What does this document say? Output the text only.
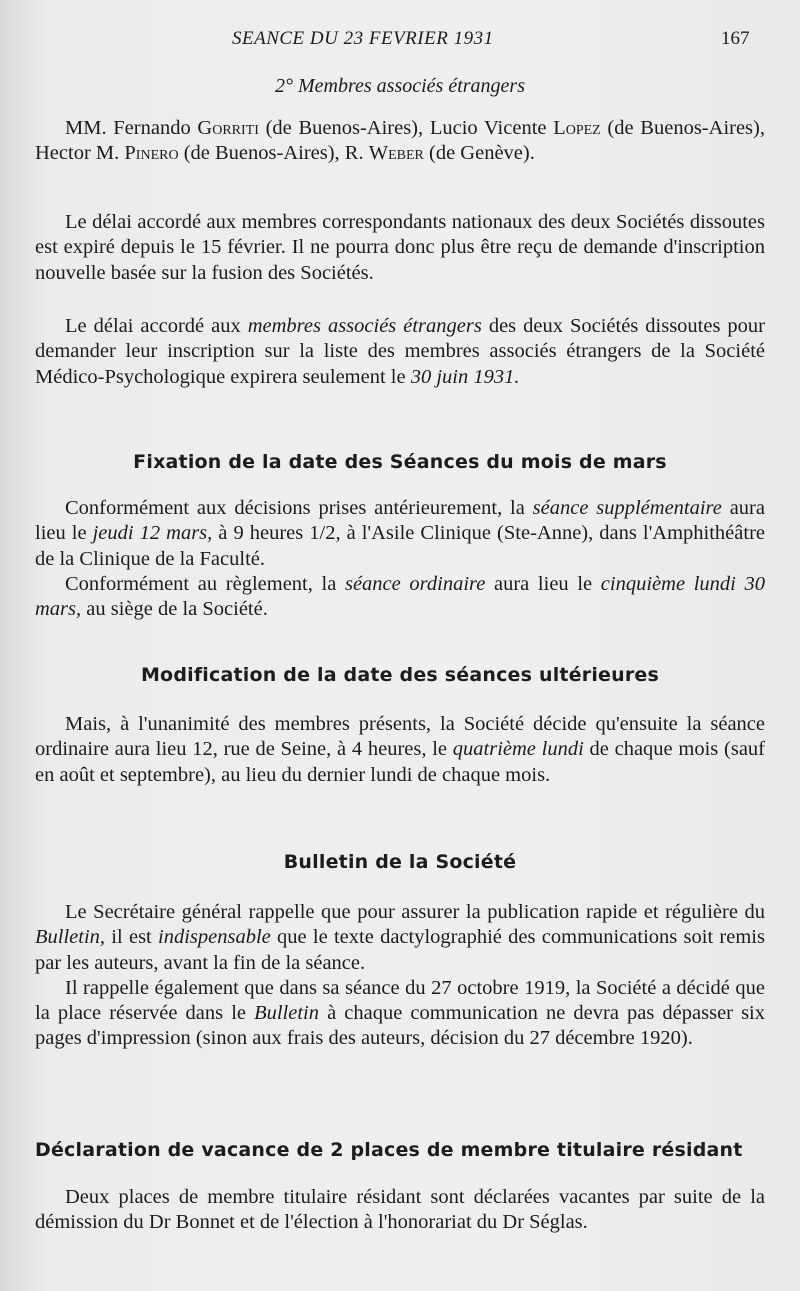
SEANCE DU 23 FEVRIER 1931	167
2° Membres associés étrangers

MM. Fernando Gorriti (de Buenos-Aires), Lucio Vicente Lopez (de Buenos-Aires), Hector M. Pinero (de Buenos-Aires), R. Weber (de Genève).

Le délai accordé aux membres correspondants nationaux des deux Sociétés dissoutes est expiré depuis le 15 février. Il ne pourra donc plus être reçu de demande d'inscription nouvelle basée sur la fusion des Sociétés.

Le délai accordé aux membres associés étrangers des deux Sociétés dissoutes pour demander leur inscription sur la liste des membres associés étrangers de la Société Médico-Psychologique expirera seulement le 30 juin 1931.

Fixation de la date des Séances du mois de mars

Conformément aux décisions prises antérieurement, la séance supplémentaire aura lieu le jeudi 12 mars, à 9 heures 1/2, à l'Asile Clinique (Ste-Anne), dans l'Amphithéâtre de la Clinique de la Faculté.

Conformément au règlement, la séance ordinaire aura lieu le cinquième lundi 30 mars, au siège de la Société.

Modification de la date des séances ultérieures

Mais, à l'unanimité des membres présents, la Société décide qu'ensuite la séance ordinaire aura lieu 12, rue de Seine, à 4 heures, le quatrième lundi de chaque mois (sauf en août et septembre), au lieu du dernier lundi de chaque mois.

Bulletin de la Société

Le Secrétaire général rappelle que pour assurer la publication rapide et régulière du Bulletin, il est indispensable que le texte dactylographié des communications soit remis par les auteurs, avant la fin de la séance.

Il rappelle également que dans sa séance du 27 octobre 1919, la Société a décidé que la place réservée dans le Bulletin à chaque communication ne devra pas dépasser six pages d'impression (sinon aux frais des auteurs, décision du 27 décembre 1920).

Déclaration de vacance de 2 places de membre titulaire résidant

Deux places de membre titulaire résidant sont déclarées vacantes par suite de la démission du Dr Bonnet et de l'élection à l'honorariat du Dr Séglas.
